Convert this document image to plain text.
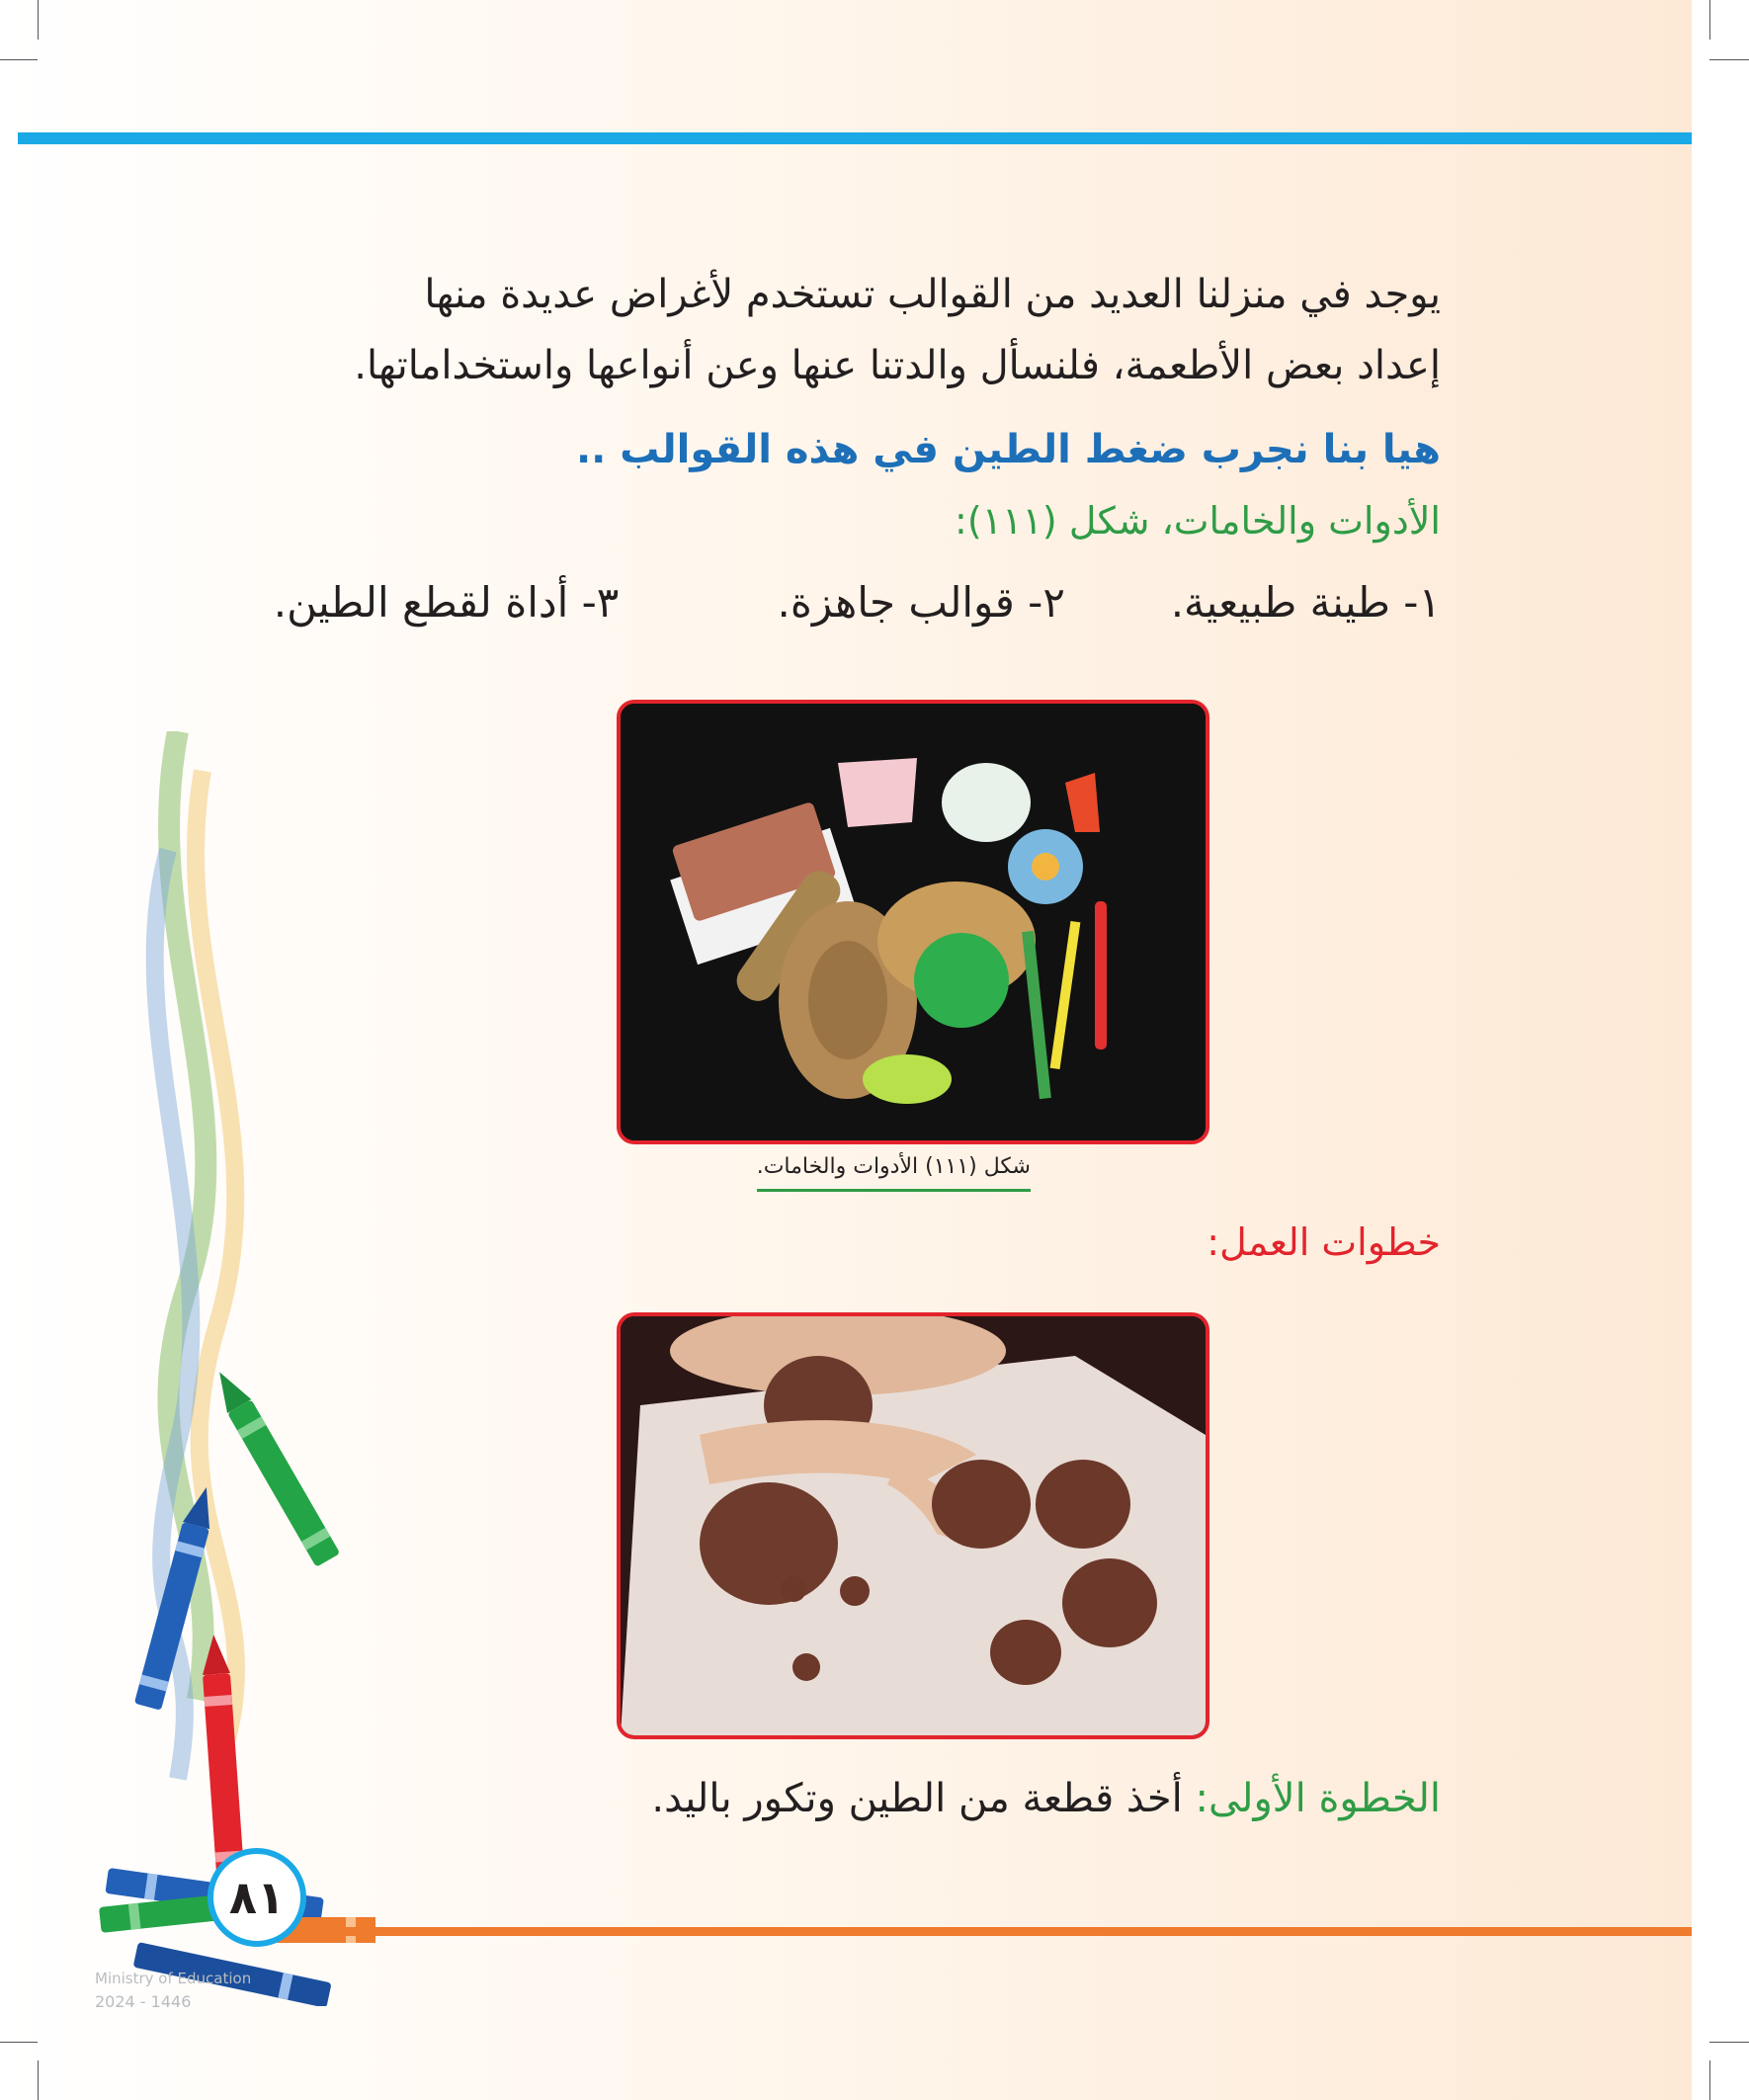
يوجد في منزلنا العديد من القوالب تستخدم لأغراض عديدة منها
إعداد بعض الأطعمة، فلنسأل والدتنا عنها وعن أنواعها واستخداماتها.

هيا بنا نجرب ضغط الطين في هذه القوالب ..

الأدوات والخامات، شكل (١١١):

١- طينة طبيعية.        ٢- قوالب جاهزة.            ٣- أداة لقطع الطين.

شكل (١١١) الأدوات والخامات.

خطوات العمل:

الخطوة الأولى: أخذ قطعة من الطين وتكور باليد.

٨١
Ministry of Education
2024 - 1446
